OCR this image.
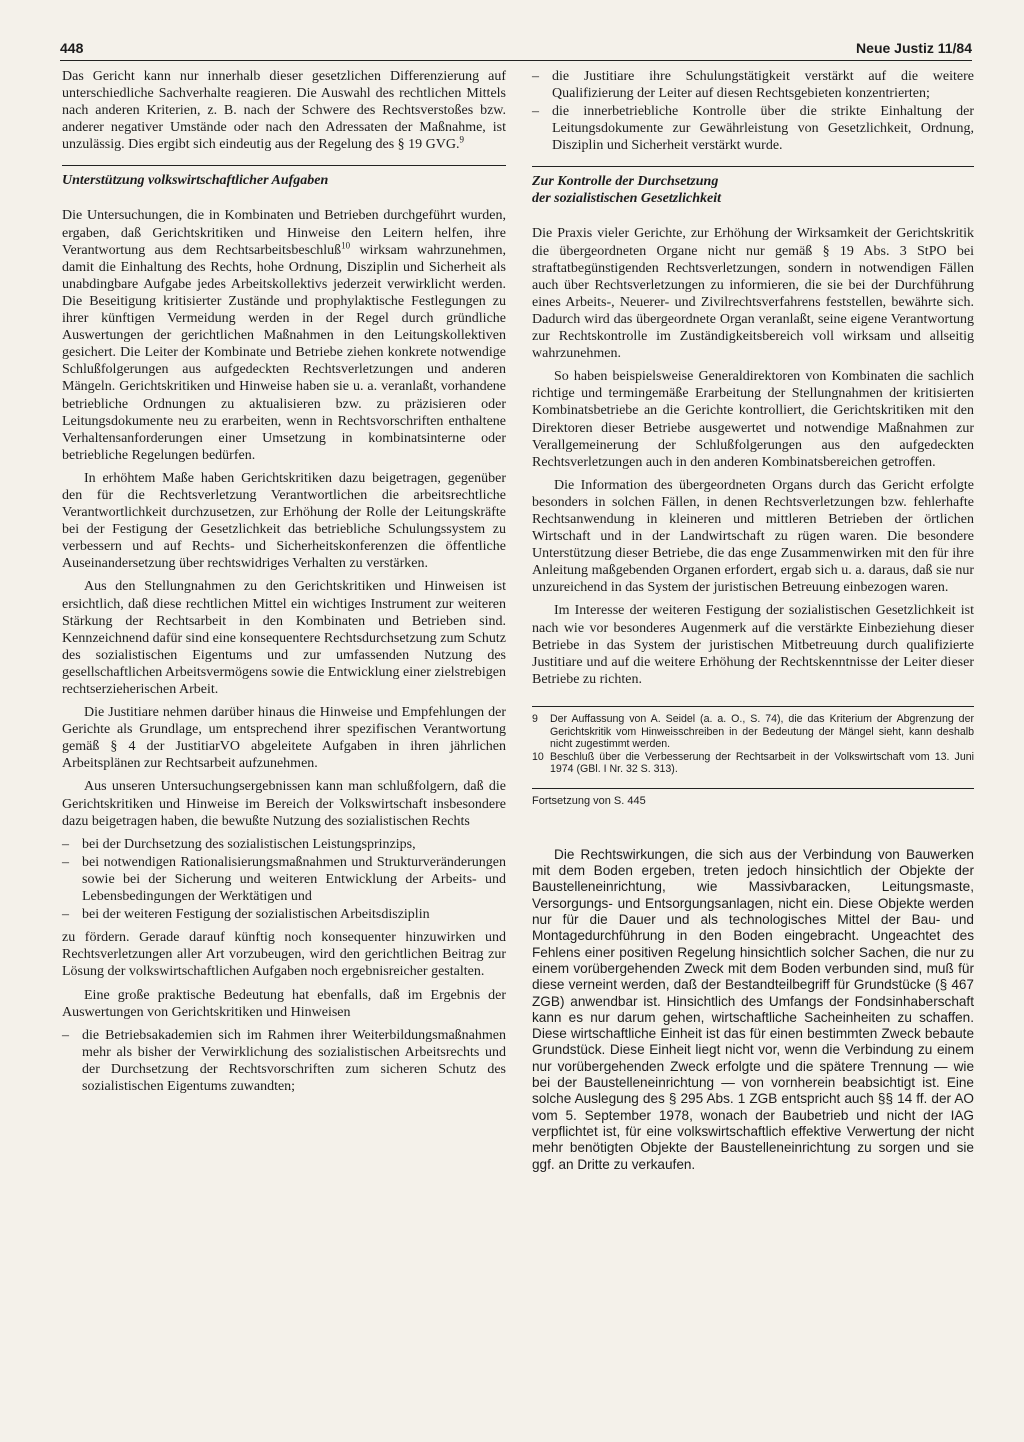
448	Neue Justiz 11/84

Das Gericht kann nur innerhalb dieser gesetzlichen Differenzierung auf unterschiedliche Sachverhalte reagieren. Die Auswahl des rechtlichen Mittels nach anderen Kriterien, z. B. nach der Schwere des Rechtsverstoßes bzw. anderer negativer Umstände oder nach den Adressaten der Maßnahme, ist unzulässig. Dies ergibt sich eindeutig aus der Regelung des § 19 GVG.$^9$

Unterstützung volkswirtschaftlicher Aufgaben

Die Untersuchungen, die in Kombinaten und Betrieben durchgeführt wurden, ergaben, daß Gerichtskritiken und Hinweise den Leitern helfen, ihre Verantwortung aus dem Rechtsarbeitsbeschluß$^{10}$ wirksam wahrzunehmen, damit die Einhaltung des Rechts, hohe Ordnung, Disziplin und Sicherheit als unabdingbare Aufgabe jedes Arbeitskollektivs jederzeit verwirklicht werden. Die Beseitigung kritisierter Zustände und prophylaktische Festlegungen zu ihrer künftigen Vermeidung werden in der Regel durch gründliche Auswertungen der gerichtlichen Maßnahmen in den Leitungskollektiven gesichert. Die Leiter der Kombinate und Betriebe ziehen konkrete notwendige Schlußfolgerungen aus aufgedeckten Rechtsverletzungen und anderen Mängeln. Gerichtskritiken und Hinweise haben sie u. a. veranlaßt, vorhandene betriebliche Ordnungen zu aktualisieren bzw. zu präzisieren oder Leitungsdokumente neu zu erarbeiten, wenn in Rechtsvorschriften enthaltene Verhaltensanforderungen einer Umsetzung in kombinatsinterne oder betriebliche Regelungen bedürfen.

In erhöhtem Maße haben Gerichtskritiken dazu beigetragen, gegenüber den für die Rechtsverletzung Verantwortlichen die arbeitsrechtliche Verantwortlichkeit durchzusetzen, zur Erhöhung der Rolle der Leitungskräfte bei der Festigung der Gesetzlichkeit das betriebliche Schulungssystem zu verbessern und auf Rechts- und Sicherheitskonferenzen die öffentliche Auseinandersetzung über rechtswidriges Verhalten zu verstärken.

Aus den Stellungnahmen zu den Gerichtskritiken und Hinweisen ist ersichtlich, daß diese rechtlichen Mittel ein wichtiges Instrument zur weiteren Stärkung der Rechtsarbeit in den Kombinaten und Betrieben sind. Kennzeichnend dafür sind eine konsequentere Rechtsdurchsetzung zum Schutz des sozialistischen Eigentums und zur umfassenden Nutzung des gesellschaftlichen Arbeitsvermögens sowie die Entwicklung einer zielstrebigen rechtserzieherischen Arbeit.

Die Justitiare nehmen darüber hinaus die Hinweise und Empfehlungen der Gerichte als Grundlage, um entsprechend ihrer spezifischen Verantwortung gemäß § 4 der JustitiarVO abgeleitete Aufgaben in ihren jährlichen Arbeitsplänen zur Rechtsarbeit aufzunehmen.

Aus unseren Untersuchungsergebnissen kann man schlußfolgern, daß die Gerichtskritiken und Hinweise im Bereich der Volkswirtschaft insbesondere dazu beigetragen haben, die bewußte Nutzung des sozialistischen Rechts

– bei der Durchsetzung des sozialistischen Leistungsprinzips,
– bei notwendigen Rationalisierungsmaßnahmen und Strukturveränderungen sowie bei der Sicherung und weiteren Entwicklung der Arbeits- und Lebensbedingungen der Werktätigen und
– bei der weiteren Festigung der sozialistischen Arbeitsdisziplin

zu fördern. Gerade darauf künftig noch konsequenter hinzuwirken und Rechtsverletzungen aller Art vorzubeugen, wird den gerichtlichen Beitrag zur Lösung der volkswirtschaftlichen Aufgaben noch ergebnisreicher gestalten.

Eine große praktische Bedeutung hat ebenfalls, daß im Ergebnis der Auswertungen von Gerichtskritiken und Hinweisen

– die Betriebsakademien sich im Rahmen ihrer Weiterbildungsmaßnahmen mehr als bisher der Verwirklichung des sozialistischen Arbeitsrechts und der Durchsetzung der Rechtsvorschriften zum sicheren Schutz des sozialistischen Eigentums zuwandten;
– die Justitiare ihre Schulungstätigkeit verstärkt auf die weitere Qualifizierung der Leiter auf diesen Rechtsgebieten konzentrierten;
– die innerbetriebliche Kontrolle über die strikte Einhaltung der Leitungsdokumente zur Gewährleistung von Gesetzlichkeit, Ordnung, Disziplin und Sicherheit verstärkt wurde.
Zur Kontrolle der Durchsetzung
der sozialistischen Gesetzlichkeit

Die Praxis vieler Gerichte, zur Erhöhung der Wirksamkeit der Gerichtskritik die übergeordneten Organe nicht nur gemäß § 19 Abs. 3 StPO bei straftatbegünstigenden Rechtsverletzungen, sondern in notwendigen Fällen auch über Rechtsverletzungen zu informieren, die sie bei der Durchführung eines Arbeits-, Neuerer- und Zivilrechtsverfahrens feststellen, bewährte sich. Dadurch wird das übergeordnete Organ veranlaßt, seine eigene Verantwortung zur Rechtskontrolle im Zuständigkeitsbereich voll wirksam und allseitig wahrzunehmen.

So haben beispielsweise Generaldirektoren von Kombinaten die sachlich richtige und termingemäße Erarbeitung der Stellungnahmen der kritisierten Kombinatsbetriebe an die Gerichte kontrolliert, die Gerichtskritiken mit den Direktoren dieser Betriebe ausgewertet und notwendige Maßnahmen zur Verallgemeinerung der Schlußfolgerungen aus den aufgedeckten Rechtsverletzungen auch in den anderen Kombinatsbereichen getroffen.

Die Information des übergeordneten Organs durch das Gericht erfolgte besonders in solchen Fällen, in denen Rechtsverletzungen bzw. fehlerhafte Rechtsanwendung in kleineren und mittleren Betrieben der örtlichen Wirtschaft und in der Landwirtschaft zu rügen waren. Die besondere Unterstützung dieser Betriebe, die das enge Zusammenwirken mit den für ihre Anleitung maßgebenden Organen erfordert, ergab sich u. a. daraus, daß sie nur unzureichend in das System der juristischen Betreuung einbezogen waren.

Im Interesse der weiteren Festigung der sozialistischen Gesetzlichkeit ist nach wie vor besonderes Augenmerk auf die verstärkte Einbeziehung dieser Betriebe in das System der juristischen Mitbetreuung durch qualifizierte Justitiare und auf die weitere Erhöhung der Rechtskenntnisse der Leiter dieser Betriebe zu richten.

9 Der Auffassung von A. Seidel (a. a. O., S. 74), die das Kriterium der Abgrenzung der Gerichtskritik vom Hinweisschreiben in der Bedeutung der Mängel sieht, kann deshalb nicht zugestimmt werden.
10 Beschluß über die Verbesserung der Rechtsarbeit in der Volkswirtschaft vom 13. Juni 1974 (GBl. I Nr. 32 S. 313).
Fortsetzung von S. 445

Die Rechtswirkungen, die sich aus der Verbindung von Bauwerken mit dem Boden ergeben, treten jedoch hinsichtlich der Objekte der Baustelleneinrichtung, wie Massivbaracken, Leitungsmaste, Versorgungs- und Entsorgungsanlagen, nicht ein. Diese Objekte werden nur für die Dauer und als technologisches Mittel der Bau- und Montagedurchführung in den Boden eingebracht. Ungeachtet des Fehlens einer positiven Regelung hinsichtlich solcher Sachen, die nur zu einem vorübergehenden Zweck mit dem Boden verbunden sind, muß für diese verneint werden, daß der Bestandteilbegriff für Grundstücke (§ 467 ZGB) anwendbar ist. Hinsichtlich des Umfangs der Fondsinhaberschaft kann es nur darum gehen, wirtschaftliche Sacheinheiten zu schaffen. Diese wirtschaftliche Einheit ist das für einen bestimmten Zweck bebaute Grundstück. Diese Einheit liegt nicht vor, wenn die Verbindung zu einem nur vorübergehenden Zweck erfolgte und die spätere Trennung — wie bei der Baustelleneinrichtung — von vornherein beabsichtigt ist. Eine solche Auslegung des § 295 Abs. 1 ZGB entspricht auch §§ 14 ff. der AO vom 5. September 1978, wonach der Baubetrieb und nicht der IAG verpflichtet ist, für eine volkswirtschaftlich effektive Verwertung der nicht mehr benötigten Objekte der Baustelleneinrichtung zu sorgen und sie ggf. an Dritte zu verkaufen.
